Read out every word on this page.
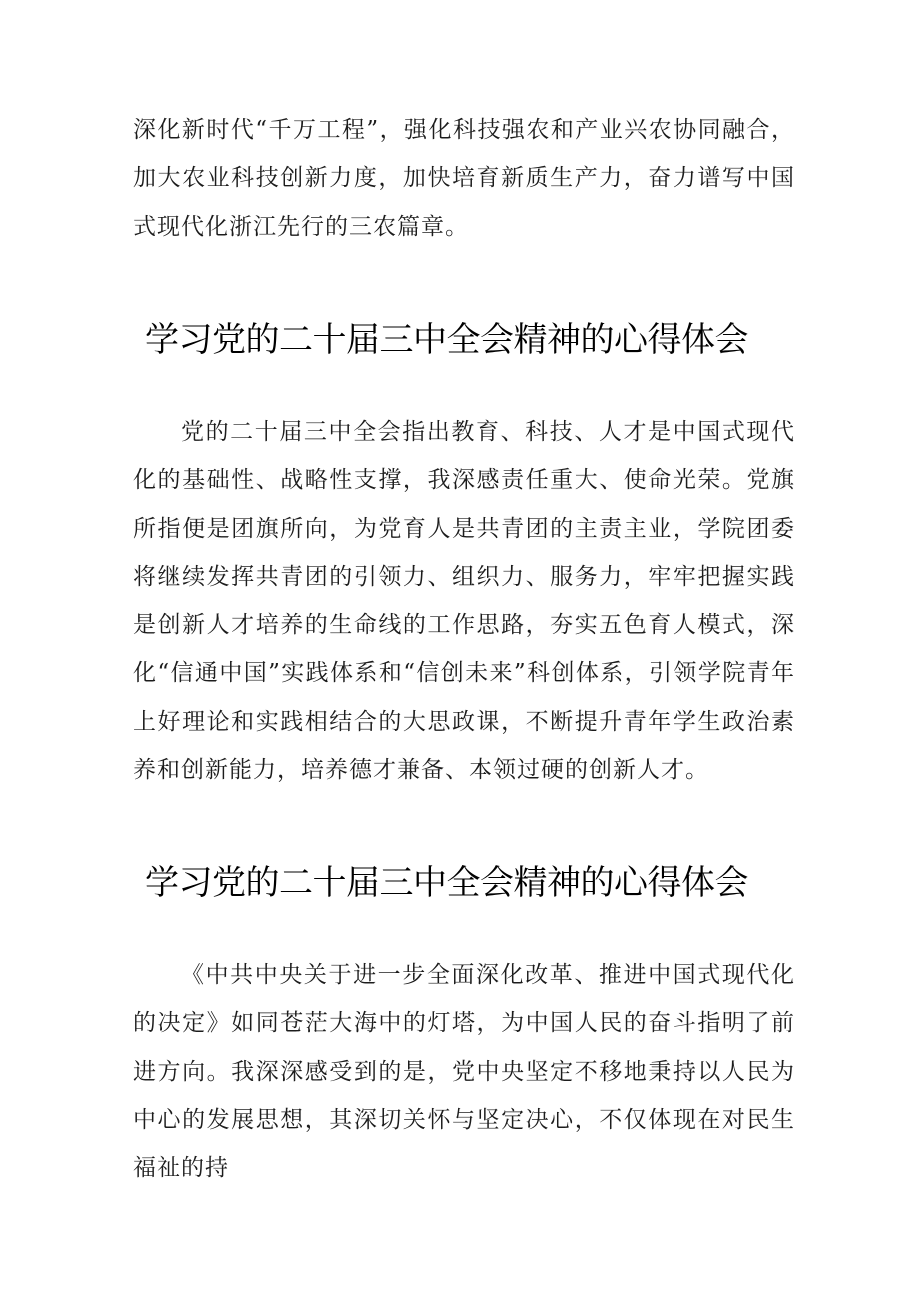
深化新时代“千万工程”，强化科技强农和产业兴农协同融合，加大农业科技创新力度，加快培育新质生产力，奋力谱写中国式现代化浙江先行的三农篇章。

学习党的二十届三中全会精神的心得体会

党的二十届三中全会指出教育、科技、人才是中国式现代化的基础性、战略性支撑，我深感责任重大、使命光荣。党旗所指便是团旗所向，为党育人是共青团的主责主业，学院团委将继续发挥共青团的引领力、组织力、服务力，牢牢把握实践是创新人才培养的生命线的工作思路，夯实五色育人模式，深化“信通中国”实践体系和“信创未来”科创体系，引领学院青年上好理论和实践相结合的大思政课，不断提升青年学生政治素养和创新能力，培养德才兼备、本领过硬的创新人才。

学习党的二十届三中全会精神的心得体会

《中共中央关于进一步全面深化改革、推进中国式现代化的决定》如同苍茫大海中的灯塔，为中国人民的奋斗指明了前进方向。我深深感受到的是，党中央坚定不移地秉持以人民为中心的发展思想，其深切关怀与坚定决心，不仅体现在对民生福祉的持
